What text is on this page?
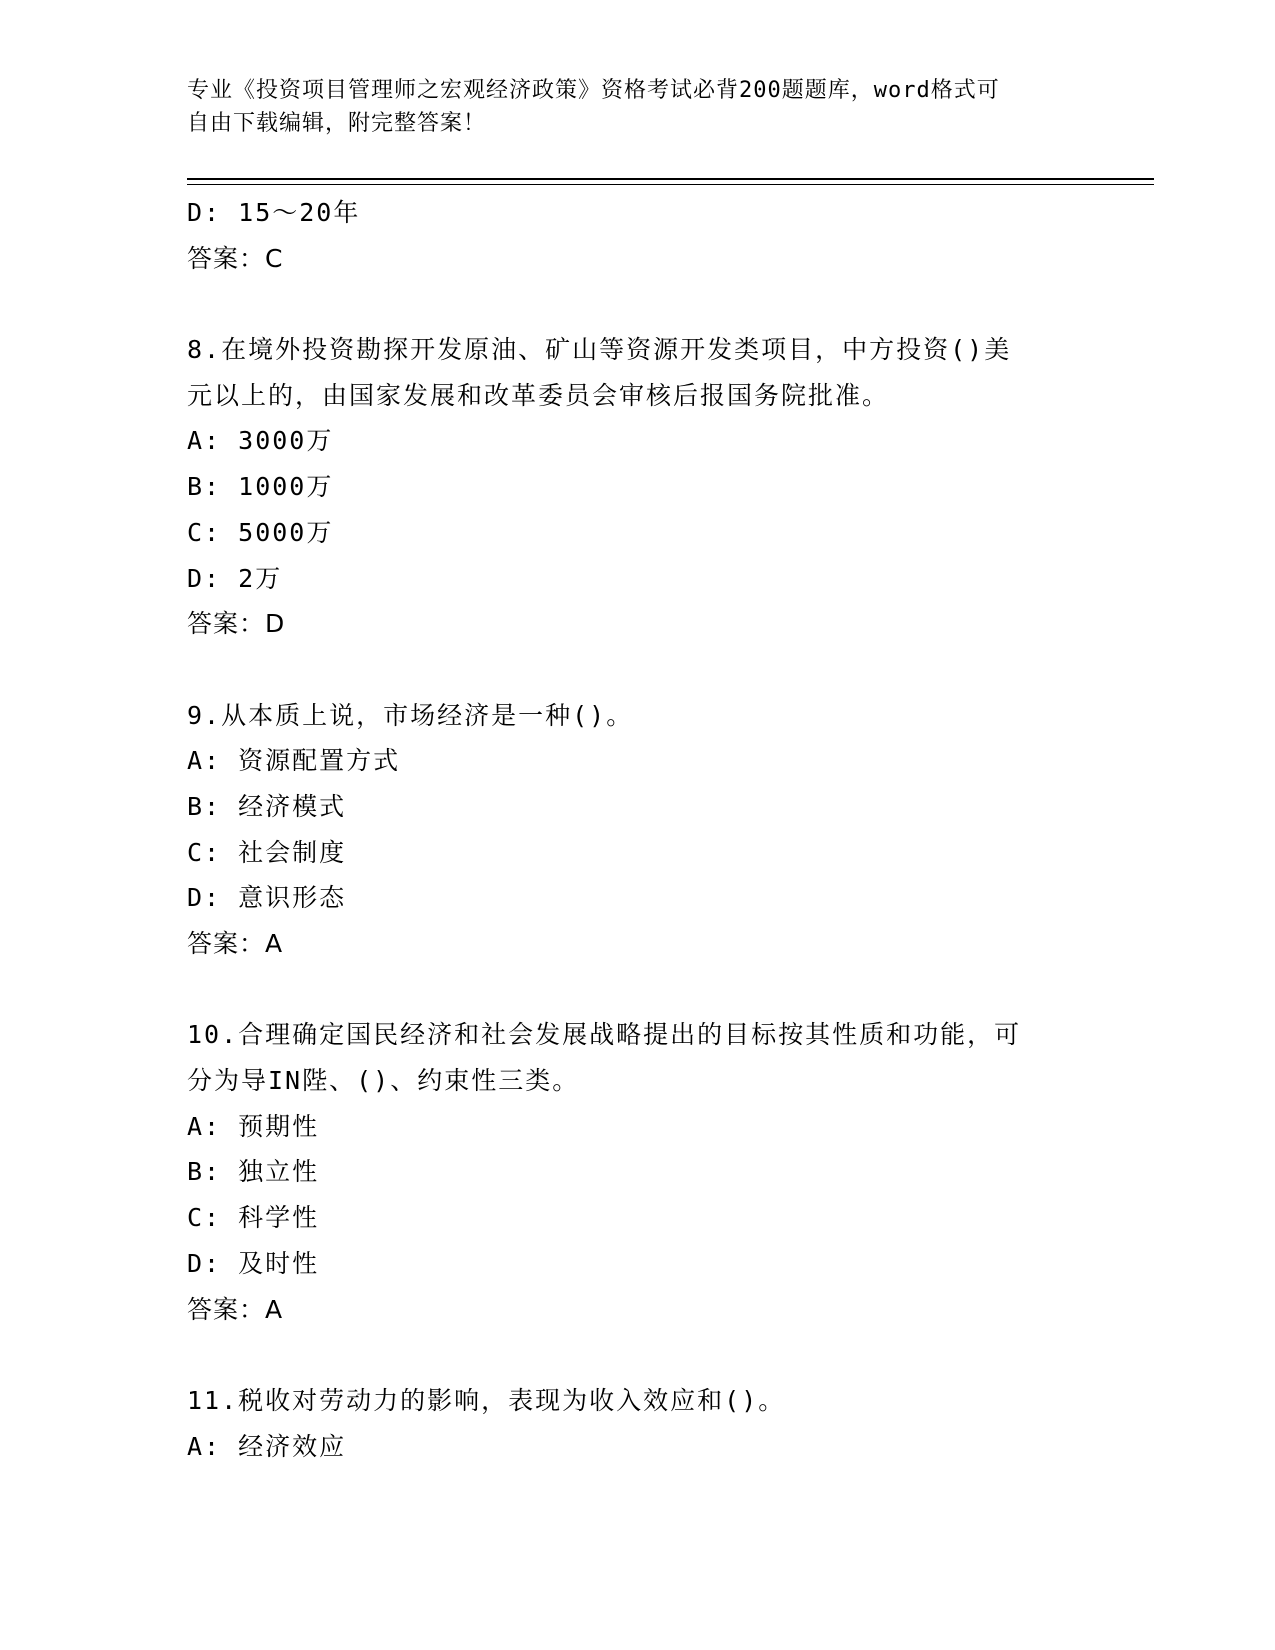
专业《投资项目管理师之宏观经济政策》资格考试必背200题题库，word格式可
自由下载编辑，附完整答案！
D: 15～20年
答案：C
8.在境外投资勘探开发原油、矿山等资源开发类项目，中方投资()美
元以上的，由国家发展和改革委员会审核后报国务院批准。
A: 3000万
B: 1000万
C: 5000万
D: 2万
答案：D
9.从本质上说，市场经济是一种()。
A: 资源配置方式
B: 经济模式
C: 社会制度
D: 意识形态
答案：A
10.合理确定国民经济和社会发展战略提出的目标按其性质和功能，可
分为导IN陛、()、约束性三类。
A: 预期性
B: 独立性
C: 科学性
D: 及时性
答案：A
11.税收对劳动力的影响，表现为收入效应和()。
A: 经济效应
